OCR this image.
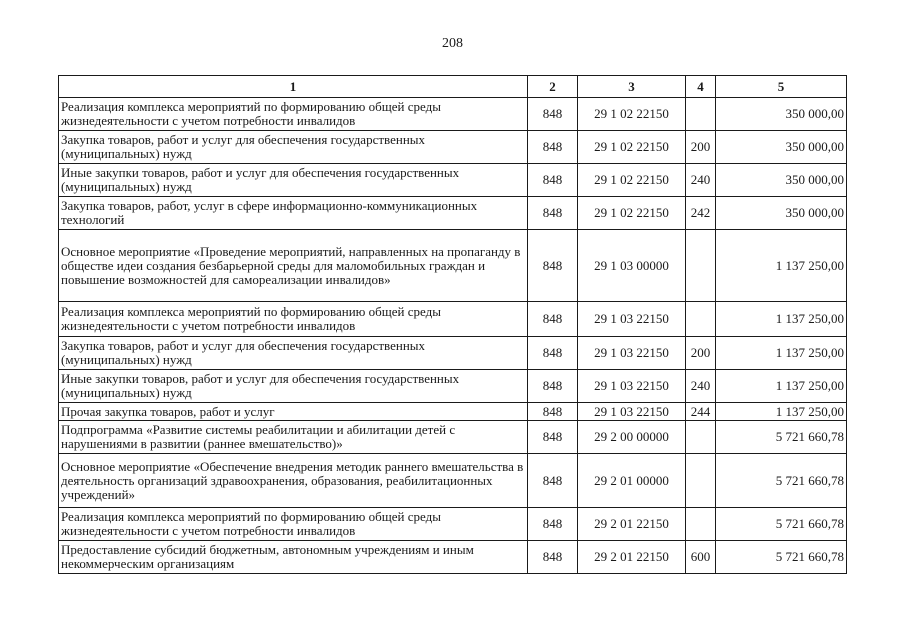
208
1	2	3	4	5
Реализация комплекса мероприятий по формированию общей среды жизнедеятельности с учетом потребности инвалидов	848	29 1 02 22150		350 000,00
Закупка товаров, работ и услуг для обеспечения государственных (муниципальных) нужд	848	29 1 02 22150	200	350 000,00
Иные закупки товаров, работ и услуг для обеспечения государственных (муниципальных) нужд	848	29 1 02 22150	240	350 000,00
Закупка товаров, работ, услуг в сфере информационно-коммуникационных технологий	848	29 1 02 22150	242	350 000,00
Основное мероприятие «Проведение мероприятий, направленных на пропаганду в обществе идеи создания безбарьерной среды для маломобильных граждан и повышение возможностей для самореализации инвалидов»	848	29 1 03 00000		1 137 250,00
Реализация комплекса мероприятий по формированию общей среды жизнедеятельности с учетом потребности инвалидов	848	29 1 03 22150		1 137 250,00
Закупка товаров, работ и услуг для обеспечения государственных (муниципальных) нужд	848	29 1 03 22150	200	1 137 250,00
Иные закупки товаров, работ и услуг для обеспечения государственных (муниципальных) нужд	848	29 1 03 22150	240	1 137 250,00
Прочая закупка товаров, работ и услуг	848	29 1 03 22150	244	1 137 250,00
Подпрограмма «Развитие системы реабилитации и абилитации детей с нарушениями в развитии (раннее вмешательство)»	848	29 2 00 00000		5 721 660,78
Основное мероприятие «Обеспечение внедрения методик раннего вмешательства в деятельность организаций здравоохранения, образования, реабилитационных учреждений»	848	29 2 01 00000		5 721 660,78
Реализация комплекса мероприятий по формированию общей среды жизнедеятельности с учетом потребности инвалидов	848	29 2 01 22150		5 721 660,78
Предоставление субсидий бюджетным, автономным учреждениям и иным некоммерческим организациям	848	29 2 01 22150	600	5 721 660,78
